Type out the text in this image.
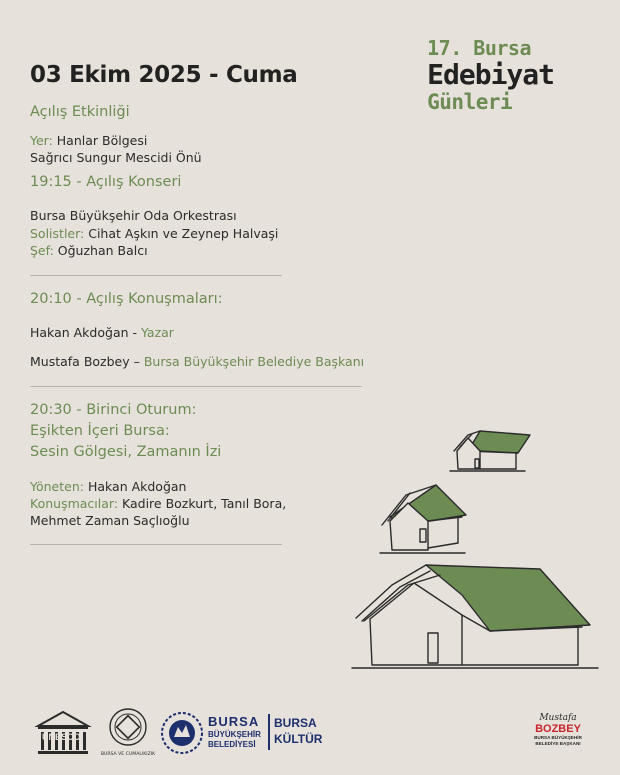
03 Ekim 2025 - Cuma
17. Bursa
Edebiyat
Günleri
Açılış Etkinliği
Yer: Hanlar Bölgesi
Sağrıcı Sungur Mescidi Önü
19:15 - Açılış Konseri
Bursa Büyükşehir Oda Orkestrası
Solistler: Cihat Aşkın ve Zeynep Halvaşi
Şef: Oğuzhan Balcı
20:10 - Açılış Konuşmaları:
Hakan Akdoğan - Yazar
Mustafa Bozbey – Bursa Büyükşehir Belediye Başkanı
20:30 - Birinci Oturum:
Eşikten İçeri Bursa:
Sesin Gölgesi, Zamanın İzi
Yöneten: Hakan Akdoğan
Konuşmacılar: Kadire Bozkurt, Tanıl Bora,
Mehmet Zaman Saçlıoğlu
UNESCO
BURSA VE CUMALIKIZIK
BURSA
BÜYÜKŞEHİR
BELEDİYESİ
BURSA
KÜLTÜR
Mustafa
BOZBEY
BURSA BÜYÜKŞEHİR
BELEDİYE BAŞKANI
